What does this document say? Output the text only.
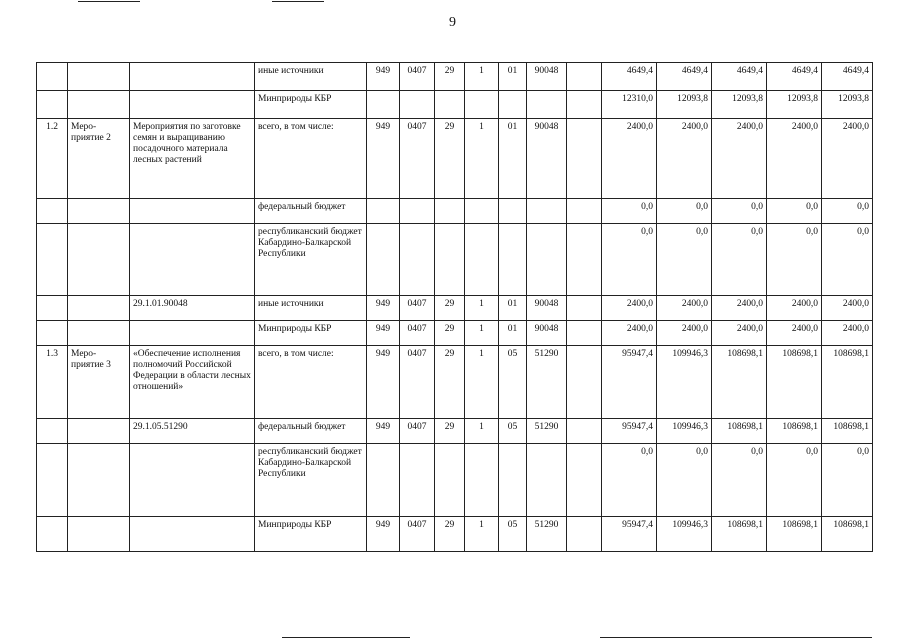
9
			иные источники	949	0407	29	1	01	90048		4649,4	4649,4	4649,4	4649,4	4649,4
			Минприроды КБР								12310,0	12093,8	12093,8	12093,8	12093,8
1.2	Меро-приятие 2	Мероприятия по заготовке семян и выращиванию посадочного материала лесных растений	всего, в том числе:	949	0407	29	1	01	90048		2400,0	2400,0	2400,0	2400,0	2400,0
			федеральный бюджет								0,0	0,0	0,0	0,0	0,0
			республиканский бюджет Кабардино-Балкарской Республики								0,0	0,0	0,0	0,0	0,0
		29.1.01.90048	иные источники	949	0407	29	1	01	90048		2400,0	2400,0	2400,0	2400,0	2400,0
			Минприроды КБР	949	0407	29	1	01	90048		2400,0	2400,0	2400,0	2400,0	2400,0
1.3	Меро-приятие 3	«Обеспечение исполнения полномочий Российской Федерации в области лесных отношений»	всего, в том числе:	949	0407	29	1	05	51290		95947,4	109946,3	108698,1	108698,1	108698,1
		29.1.05.51290	федеральный бюджет	949	0407	29	1	05	51290		95947,4	109946,3	108698,1	108698,1	108698,1
			республиканский бюджет Кабардино-Балкарской Республики								0,0	0,0	0,0	0,0	0,0
			Минприроды КБР	949	0407	29	1	05	51290		95947,4	109946,3	108698,1	108698,1	108698,1
